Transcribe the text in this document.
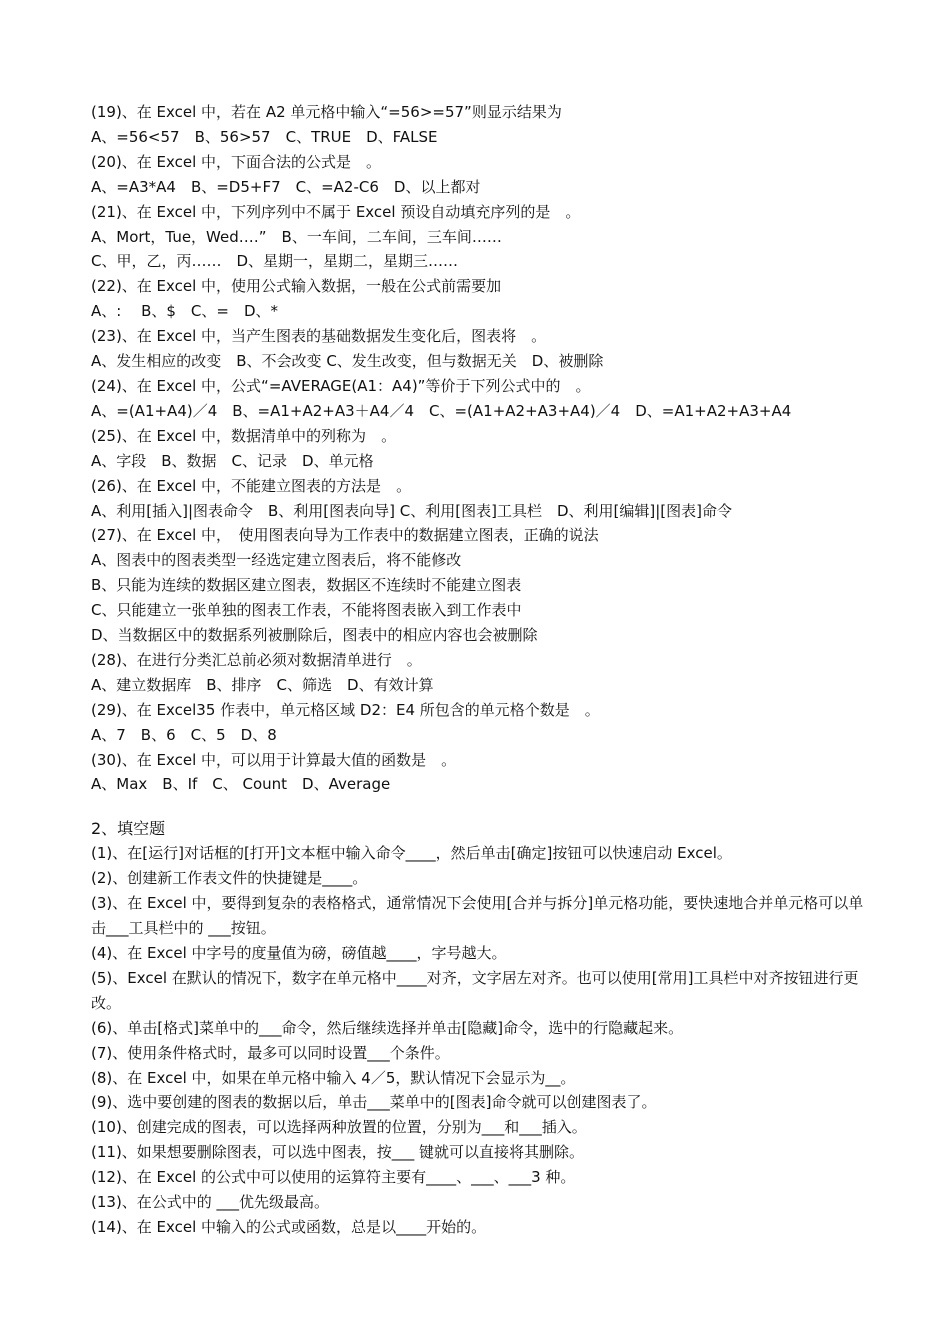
(19)、在 Excel 中，若在 A2 单元格中输入“=56>=57”则显示结果为
A、=56<57　B、56>57　C、TRUE　D、FALSE
(20)、在 Excel 中，下面合法的公式是　。
A、=A3*A4　B、=D5+F7　C、=A2-C6　D、以上都对
(21)、在 Excel 中，下列序列中不属于 Excel 预设自动填充序列的是　。
A、Mort，Tue，Wed‥‥”　B、一车间，二车间，三车间……
C、甲，乙，丙……　D、星期一，星期二，星期三……
(22)、在 Excel 中，使用公式输入数据，一般在公式前需要加
A、:　 B、$　C、=　D、*
(23)、在 Excel 中，当产生图表的基础数据发生变化后，图表将　。
A、发生相应的改变　B、不会改变 C、发生改变，但与数据无关　D、被删除
(24)、在 Excel 中，公式“=AVERAGE(A1：A4)”等价于下列公式中的　。
A、=(A1+A4)／4　B、=A1+A2+A3＋A4／4　C、=(A1+A2+A3+A4)／4　D、=A1+A2+A3+A4
(25)、在 Excel 中，数据清单中的列称为　。
A、字段　B、数据　C、记录　D、单元格
(26)、在 Excel 中，不能建立图表的方法是　。
A、利用[插入]|图表命令　B、利用[图表向导] C、利用[图表]工具栏　D、利用[编辑]|[图表]命令
(27)、在 Excel 中，　使用图表向导为工作表中的数据建立图表，正确的说法
A、图表中的图表类型一经选定建立图表后，将不能修改
B、只能为连续的数据区建立图表，数据区不连续时不能建立图表
C、只能建立一张单独的图表工作表，不能将图表嵌入到工作表中
D、当数据区中的数据系列被删除后，图表中的相应内容也会被删除
(28)、在进行分类汇总前必须对数据清单进行　。
A、建立数据库　B、排序　C、筛选　D、有效计算
(29)、在 Excel35 作表中，单元格区域 D2：E4 所包含的单元格个数是　。
A、7　B、6　C、5　D、8
(30)、在 Excel 中，可以用于计算最大值的函数是　。
A、Max　B、If　C、 Count　D、Average
2、填空题
(1)、在[运行]对话框的[打开]文本框中输入命令____，然后单击[确定]按钮可以快速启动 Excel。
(2)、创建新工作表文件的快捷键是____。
(3)、在 Excel 中，要得到复杂的表格格式，通常情况下会使用[合并与拆分]单元格功能，要快速地合并单元格可以单击___工具栏中的 ___按钮。
(4)、在 Excel 中字号的度量值为磅，磅值越____，字号越大。
(5)、Excel 在默认的情况下，数字在单元格中____对齐，文字居左对齐。也可以使用[常用]工具栏中对齐按钮进行更改。
(6)、单击[格式]菜单中的___命令，然后继续选择并单击[隐藏]命令，选中的行隐藏起来。
(7)、使用条件格式时，最多可以同时设置___个条件。
(8)、在 Excel 中，如果在单元格中输入 4／5，默认情况下会显示为__。
(9)、选中要创建的图表的数据以后，单击___菜单中的[图表]命令就可以创建图表了。
(10)、创建完成的图表，可以选择两种放置的位置，分别为___和___插入。
(11)、如果想要删除图表，可以选中图表，按___ 键就可以直接将其删除。
(12)、在 Excel 的公式中可以使用的运算符主要有____、___、___3 种。
(13)、在公式中的 ___优先级最高。
(14)、在 Excel 中输入的公式或函数，总是以____开始的。
